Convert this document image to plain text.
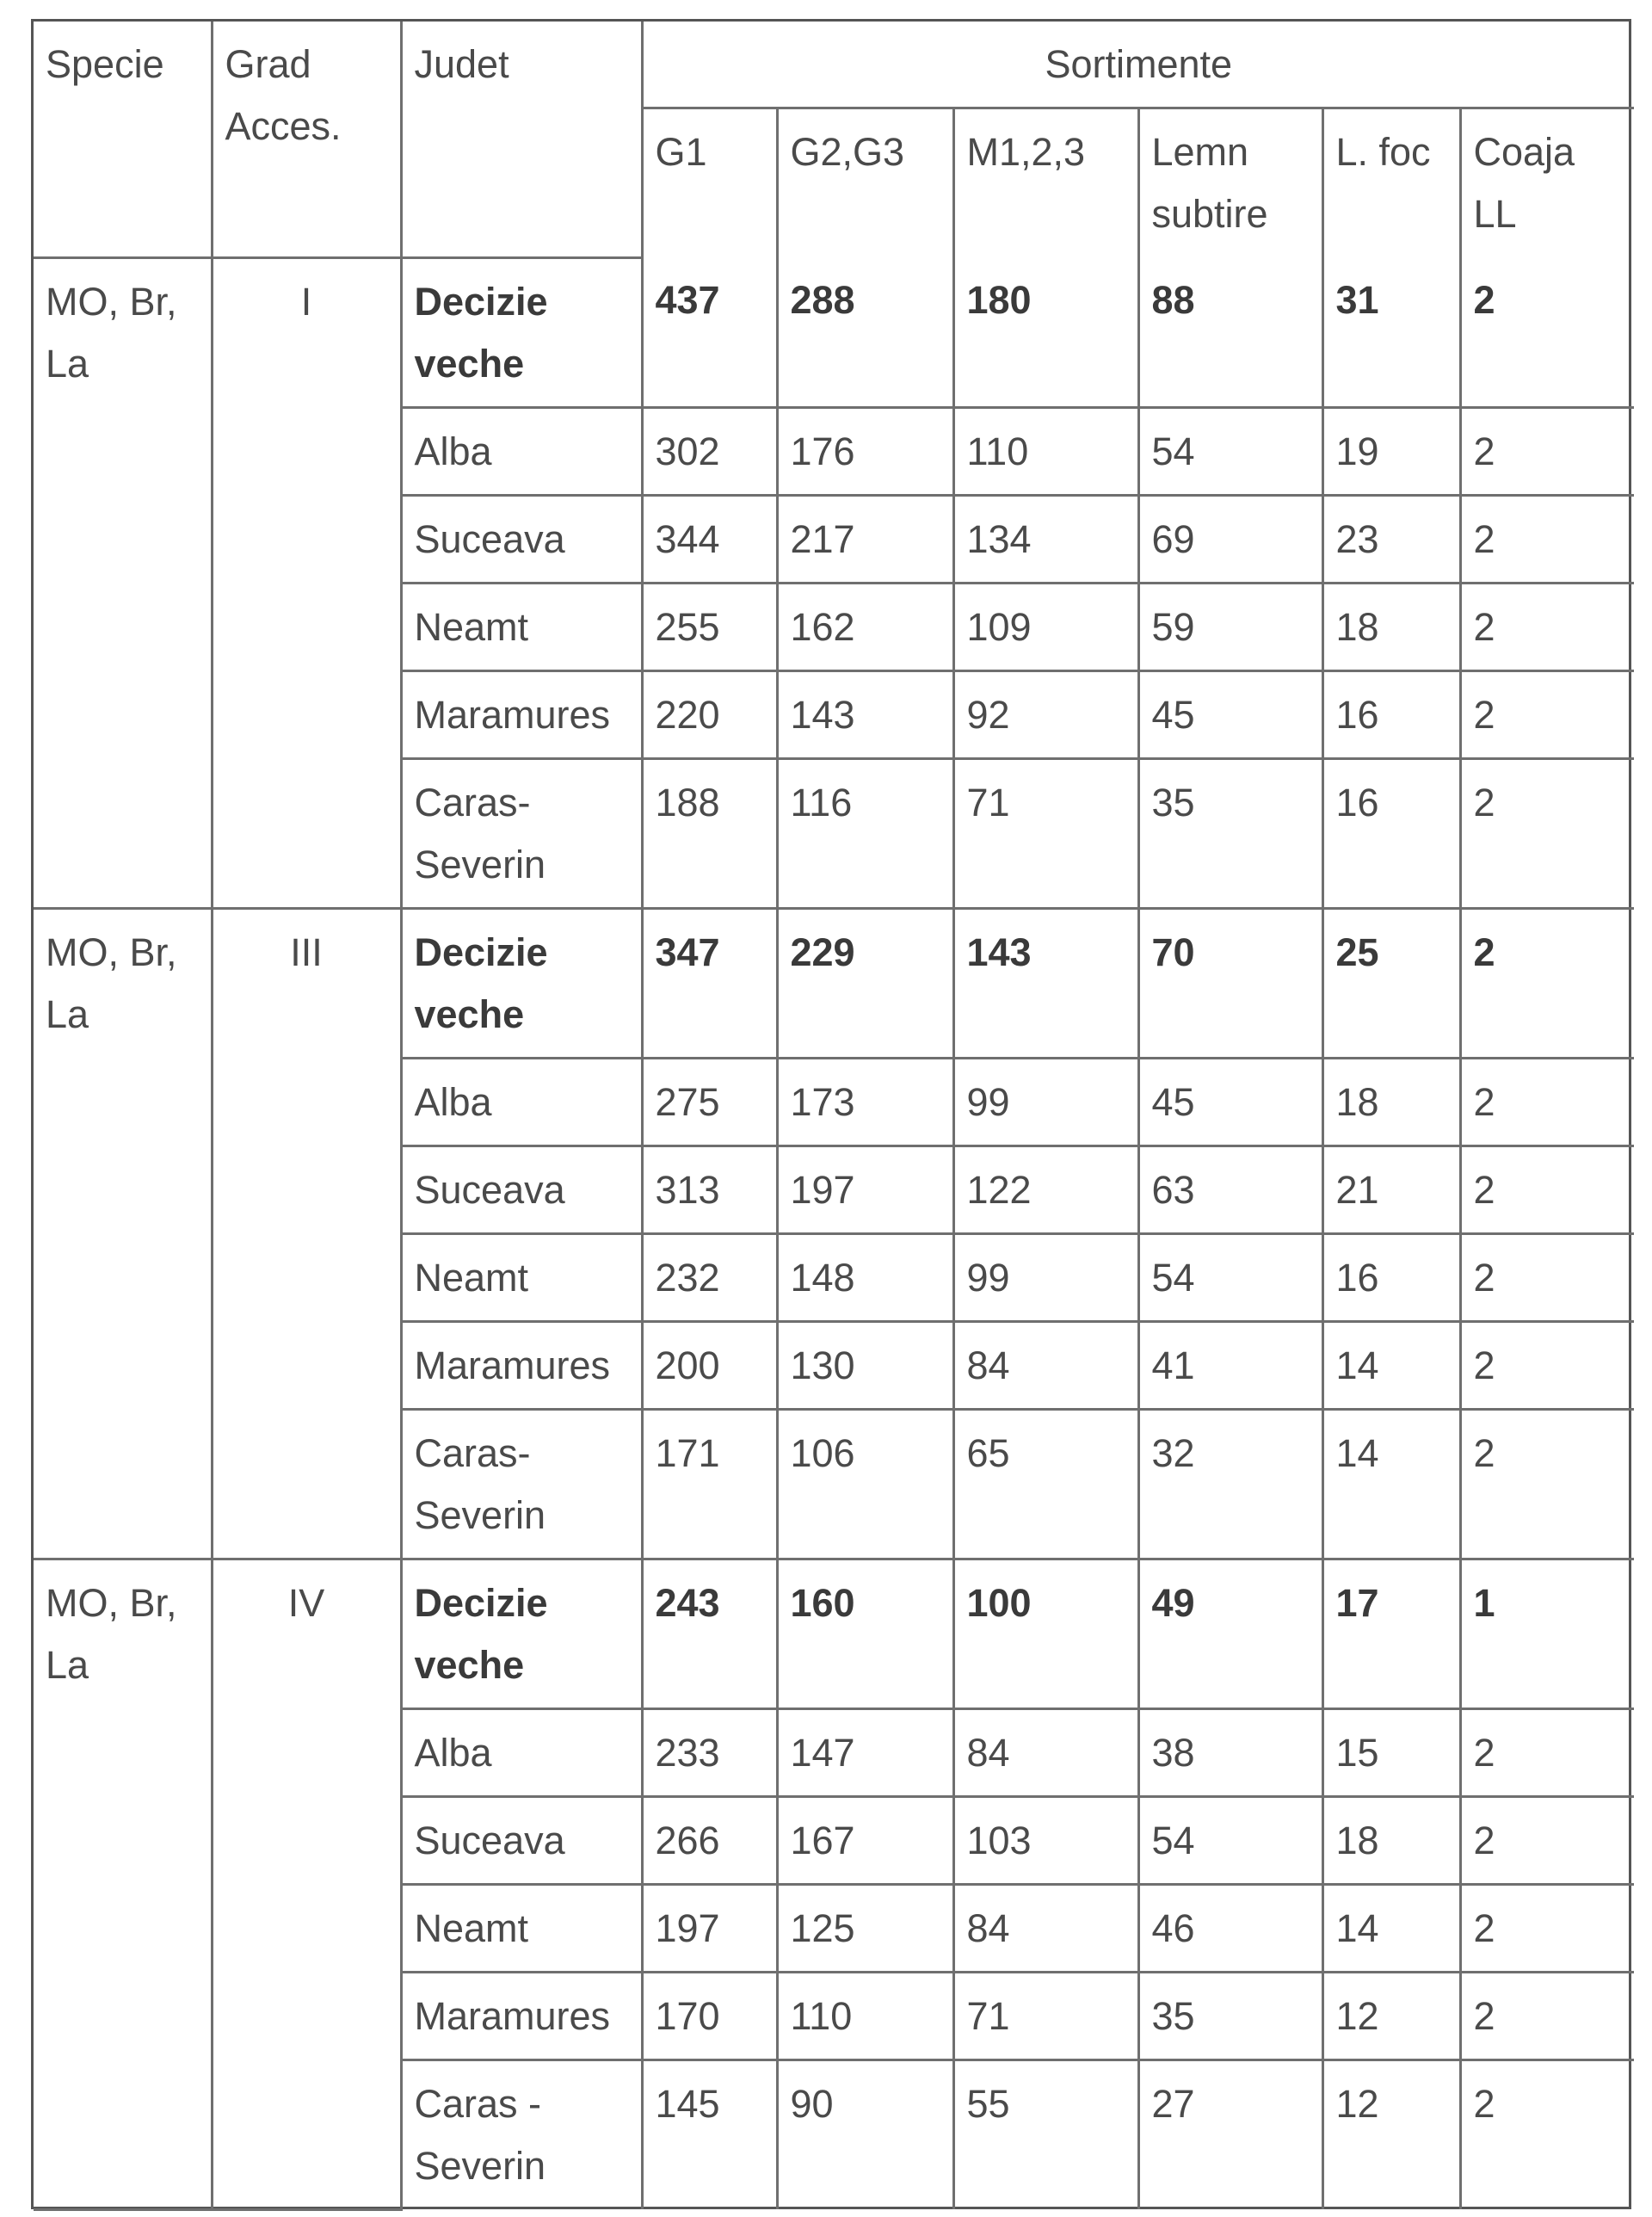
Specie	Grad Acces.	Judet	Sortimente					
			G1	G2,G3	M1,2,3	Lemn subtire	L. foc	Coaja LL
MO, Br, La	I	Decizie veche	437	288	180	88	31	2
		Alba	302	176	110	54	19	2
		Suceava	344	217	134	69	23	2
		Neamt	255	162	109	59	18	2
		Maramures	220	143	92	45	16	2
		Caras-Severin	188	116	71	35	16	2
MO, Br, La	III	Decizie veche	347	229	143	70	25	2
		Alba	275	173	99	45	18	2
		Suceava	313	197	122	63	21	2
		Neamt	232	148	99	54	16	2
		Maramures	200	130	84	41	14	2
		Caras-Severin	171	106	65	32	14	2
MO, Br, La	IV	Decizie veche	243	160	100	49	17	1
		Alba	233	147	84	38	15	2
		Suceava	266	167	103	54	18	2
		Neamt	197	125	84	46	14	2
		Maramures	170	110	71	35	12	2
		Caras - Severin	145	90	55	27	12	2
